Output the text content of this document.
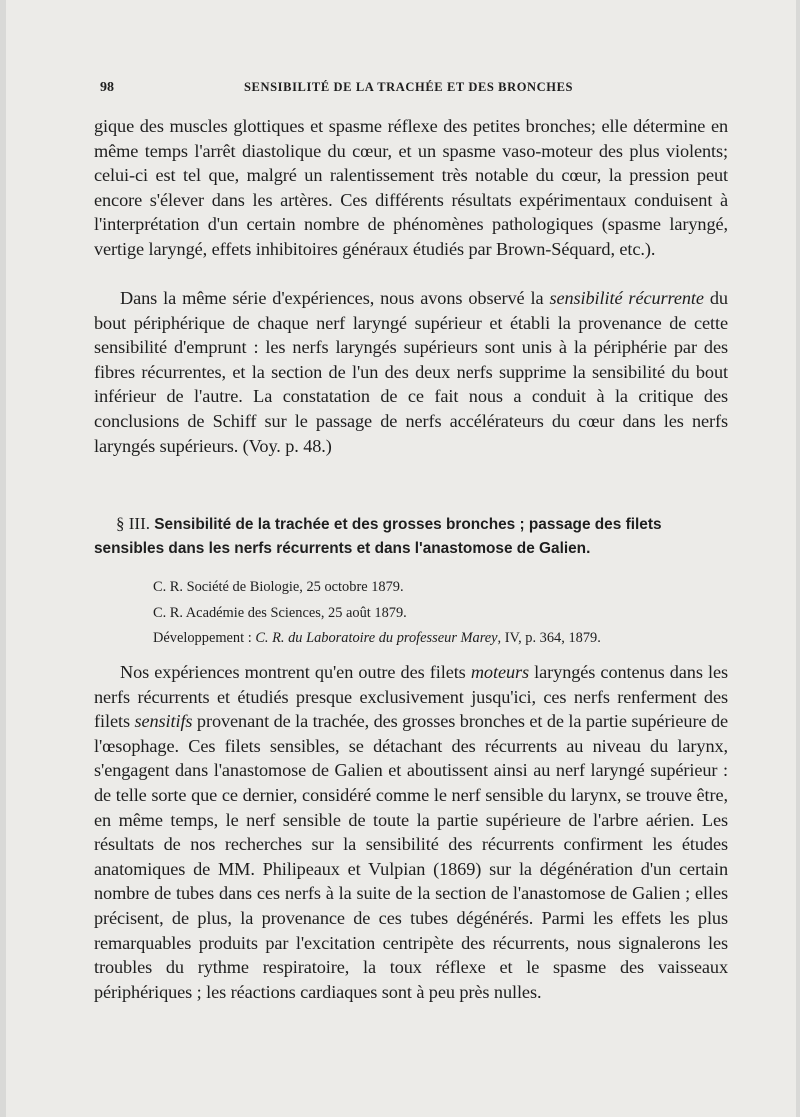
98	SENSIBILITÉ DE LA TRACHÉE ET DES BRONCHES

gique des muscles glottiques et spasme réflexe des petites bronches; elle détermine en même temps l'arrêt diastolique du cœur, et un spasme vaso-moteur des plus violents; celui-ci est tel que, malgré un ralentissement très notable du cœur, la pression peut encore s'élever dans les artères. Ces différents résultats expérimentaux conduisent à l'interprétation d'un certain nombre de phénomènes pathologiques (spasme laryngé, vertige laryngé, effets inhibitoires généraux étudiés par Brown-Séquard, etc.).

Dans la même série d'expériences, nous avons observé la sensibilité récurrente du bout périphérique de chaque nerf laryngé supérieur et établi la provenance de cette sensibilité d'emprunt : les nerfs laryngés supérieurs sont unis à la périphérie par des fibres récurrentes, et la section de l'un des deux nerfs supprime la sensibilité du bout inférieur de l'autre. La constatation de ce fait nous a conduit à la critique des conclusions de Schiff sur le passage de nerfs accélérateurs du cœur dans les nerfs laryngés supérieurs. (Voy. p. 48.)

§ III. Sensibilité de la trachée et des grosses bronches ; passage des filets sensibles dans les nerfs récurrents et dans l'anastomose de Galien.
C. R. Société de Biologie, 25 octobre 1879.
C. R. Académie des Sciences, 25 août 1879.
Développement : C. R. du Laboratoire du professeur Marey, IV, p. 364, 1879.

Nos expériences montrent qu'en outre des filets moteurs laryngés contenus dans les nerfs récurrents et étudiés presque exclusivement jusqu'ici, ces nerfs renferment des filets sensitifs provenant de la trachée, des grosses bronches et de la partie supérieure de l'œsophage. Ces filets sensibles, se détachant des récurrents au niveau du larynx, s'engagent dans l'anastomose de Galien et aboutissent ainsi au nerf laryngé supérieur : de telle sorte que ce dernier, considéré comme le nerf sensible du larynx, se trouve être, en même temps, le nerf sensible de toute la partie supérieure de l'arbre aérien. Les résultats de nos recherches sur la sensibilité des récurrents confirment les études anatomiques de MM. Philipeaux et Vulpian (1869) sur la dégénération d'un certain nombre de tubes dans ces nerfs à la suite de la section de l'anastomose de Galien ; elles précisent, de plus, la provenance de ces tubes dégénérés. Parmi les effets les plus remarquables produits par l'excitation centripète des récurrents, nous signalerons les troubles du rythme respiratoire, la toux réflexe et le spasme des vaisseaux périphériques ; les réactions cardiaques sont à peu près nulles.
